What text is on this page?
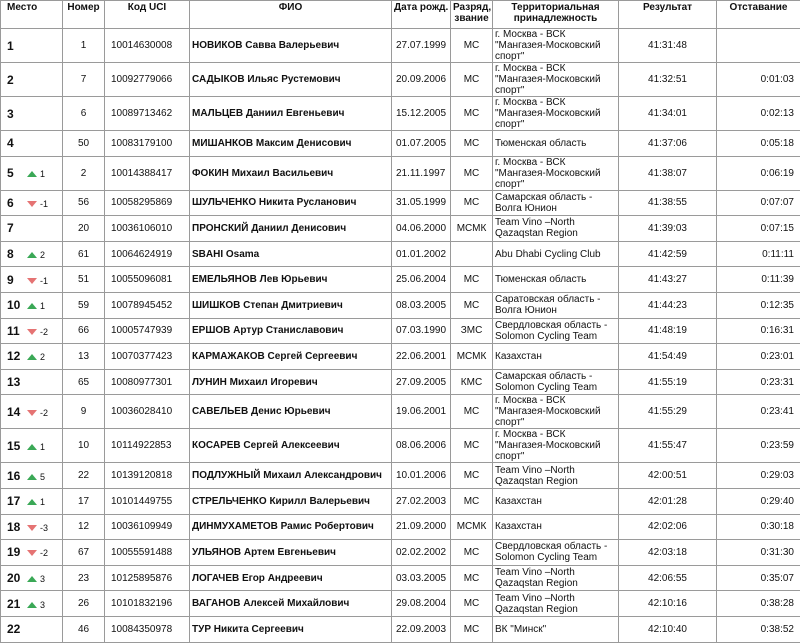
Место	Номер	Код UCI	ФИО	Дата рожд.	Разряд, звание	Территориальная принадлежность	Результат	Отставание
1	1	10014630008	НОВИКОВ Савва Валерьевич	27.07.1999	МС	г. Москва - ВСК "Мангазея-Московский спорт"	41:31:48	
2	7	10092779066	САДЫКОВ Ильяс Рустемович	20.09.2006	МС	г. Москва - ВСК "Мангазея-Московский спорт"	41:32:51	0:01:03
3	6	10089713462	МАЛЬЦЕВ Даниил Евгеньевич	15.12.2005	МС	г. Москва - ВСК "Мангазея-Московский спорт"	41:34:01	0:02:13
4	50	10083179100	МИШАНКОВ Максим Денисович	01.07.2005	МС	Тюменская область	41:37:06	0:05:18
5 1	2	10014388417	ФОКИН Михаил Васильевич	21.11.1997	МС	г. Москва - ВСК "Мангазея-Московский спорт"	41:38:07	0:06:19
6 -1	56	10058295869	ШУЛЬЧЕНКО Никита Русланович	31.05.1999	МС	Самарская область - Волга Юнион	41:38:55	0:07:07
7	20	10036106010	ПРОНСКИЙ Даниил Денисович	04.06.2000	МСМК	Team Vino –North Qazaqstan Region	41:39:03	0:07:15
8 2	61	10064624919	SBAHI Osama	01.01.2002		Abu Dhabi Cycling Club	41:42:59	0:11:11
9 -1	51	10055096081	ЕМЕЛЬЯНОВ Лев Юрьевич	25.06.2004	МС	Тюменская область	41:43:27	0:11:39
10 1	59	10078945452	ШИШКОВ Степан Дмитриевич	08.03.2005	МС	Саратовская область - Волга Юнион	41:44:23	0:12:35
11 -2	66	10005747939	ЕРШОВ Артур Станиславович	07.03.1990	ЗМС	Свердловская область - Solomon Cycling Team	41:48:19	0:16:31
12 2	13	10070377423	КАРМАЖАКОВ Сергей Сергеевич	22.06.2001	МСМК	Казахстан	41:54:49	0:23:01
13	65	10080977301	ЛУНИН Михаил Игоревич	27.09.2005	КМС	Самарская область - Solomon Cycling Team	41:55:19	0:23:31
14 -2	9	10036028410	САВЕЛЬЕВ Денис Юрьевич	19.06.2001	МС	г. Москва - ВСК "Мангазея-Московский спорт"	41:55:29	0:23:41
15 1	10	10114922853	КОСАРЕВ Сергей Алексеевич	08.06.2006	МС	г. Москва - ВСК "Мангазея-Московский спорт"	41:55:47	0:23:59
16 5	22	10139120818	ПОДЛУЖНЫЙ Михаил Александрович	10.01.2006	МС	Team Vino –North Qazaqstan Region	42:00:51	0:29:03
17 1	17	10101449755	СТРЕЛЬЧЕНКО Кирилл Валерьевич	27.02.2003	МС	Казахстан	42:01:28	0:29:40
18 -3	12	10036109949	ДИНМУХАМЕТОВ Рамис Робертович	21.09.2000	МСМК	Казахстан	42:02:06	0:30:18
19 -2	67	10055591488	УЛЬЯНОВ Артем Евгеньевич	02.02.2002	МС	Свердловская область - Solomon Cycling Team	42:03:18	0:31:30
20 3	23	10125895876	ЛОГАЧЕВ Егор Андреевич	03.03.2005	МС	Team Vino –North Qazaqstan Region	42:06:55	0:35:07
21 3	26	10101832196	ВАГАНОВ Алексей Михайлович	29.08.2004	МС	Team Vino –North Qazaqstan Region	42:10:16	0:38:28
22	46	10084350978	ТУР Никита Сергеевич	22.09.2003	МС	ВК "Минск"	42:10:40	0:38:52
